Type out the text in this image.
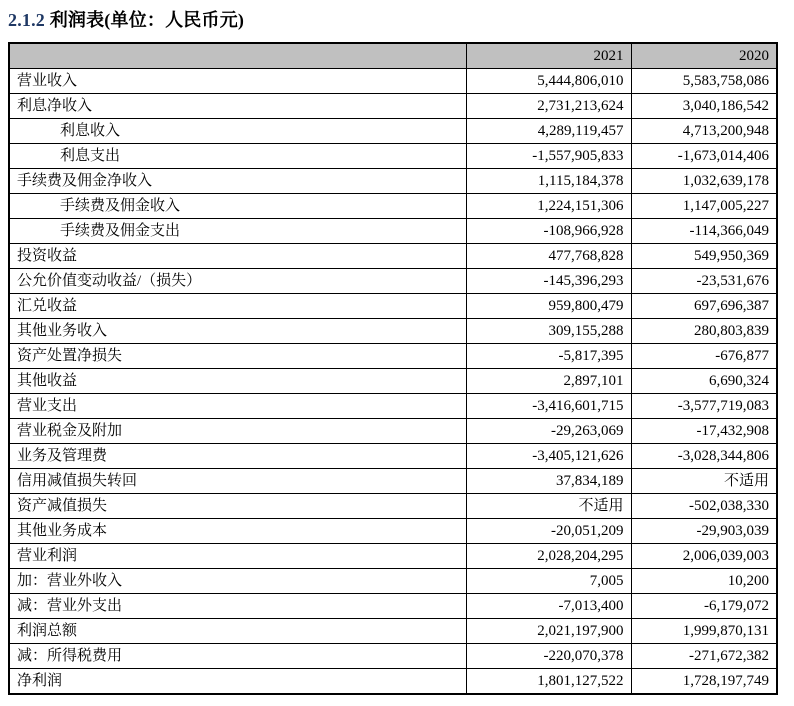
2.1.2 利润表(单位：人民币元)
	2021	2020
营业收入	5,444,806,010	5,583,758,086
利息净收入	2,731,213,624	3,040,186,542
利息收入	4,289,119,457	4,713,200,948
利息支出	-1,557,905,833	-1,673,014,406
手续费及佣金净收入	1,115,184,378	1,032,639,178
手续费及佣金收入	1,224,151,306	1,147,005,227
手续费及佣金支出	-108,966,928	-114,366,049
投资收益	477,768,828	549,950,369
公允价值变动收益/（损失）	-145,396,293	-23,531,676
汇兑收益	959,800,479	697,696,387
其他业务收入	309,155,288	280,803,839
资产处置净损失	-5,817,395	-676,877
其他收益	2,897,101	6,690,324
营业支出	-3,416,601,715	-3,577,719,083
营业税金及附加	-29,263,069	-17,432,908
业务及管理费	-3,405,121,626	-3,028,344,806
信用减值损失转回	37,834,189	不适用
资产减值损失	不适用	-502,038,330
其他业务成本	-20,051,209	-29,903,039
营业利润	2,028,204,295	2,006,039,003
加：营业外收入	7,005	10,200
减：营业外支出	-7,013,400	-6,179,072
利润总额	2,021,197,900	1,999,870,131
减：所得税费用	-220,070,378	-271,672,382
净利润	1,801,127,522	1,728,197,749
